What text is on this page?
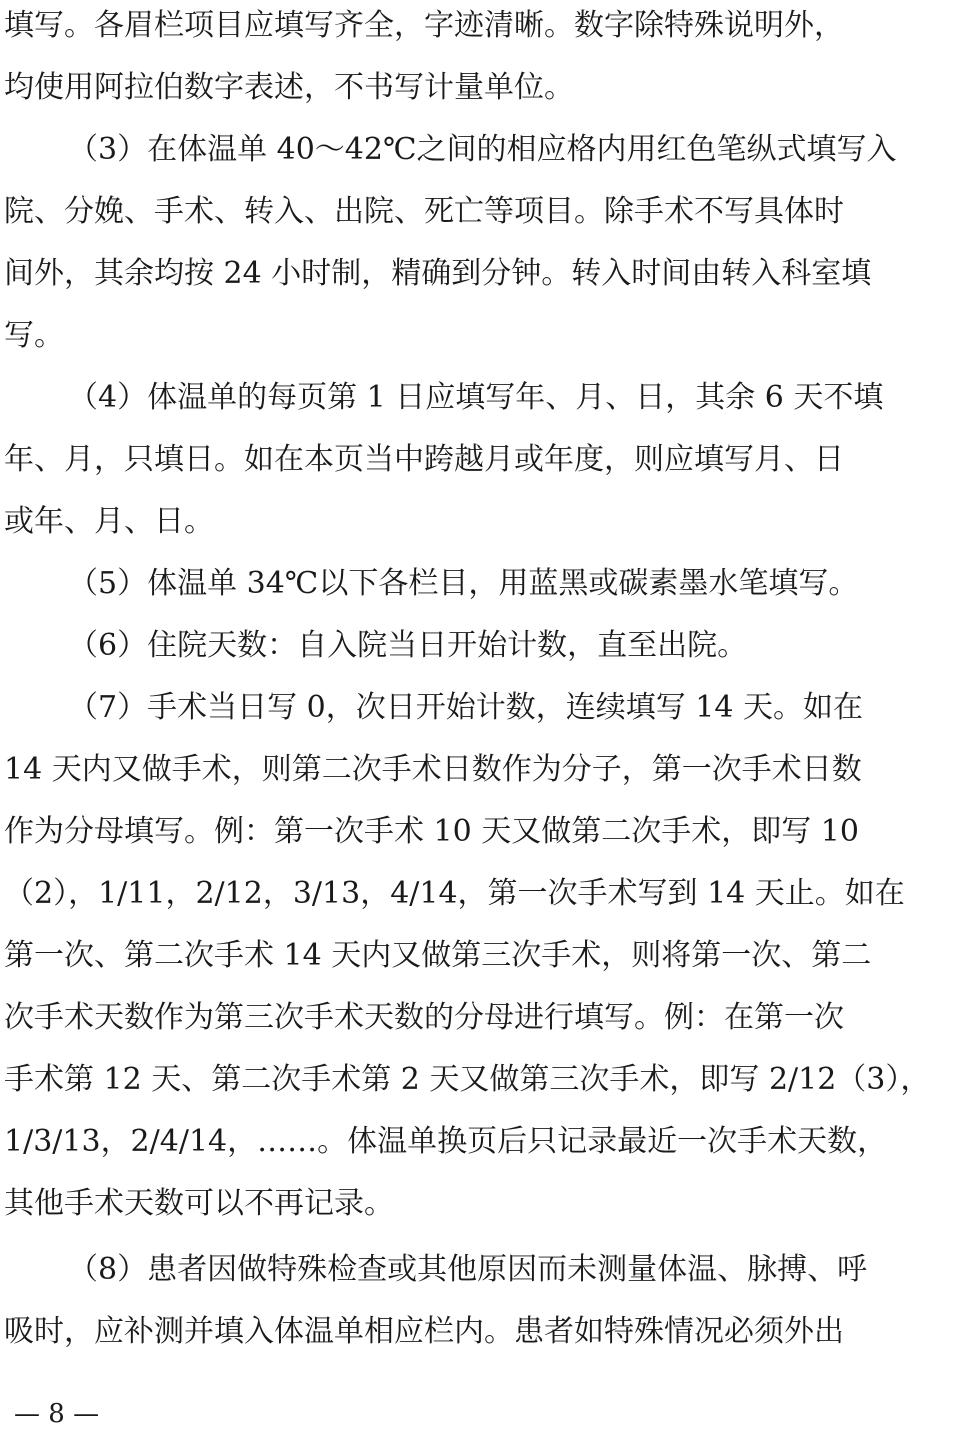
填写。各眉栏项目应填写齐全，字迹清晰。数字除特殊说明外，
均使用阿拉伯数字表述，不书写计量单位。
（3）在体温单 40～42℃之间的相应格内用红色笔纵式填写入
院、分娩、手术、转入、出院、死亡等项目。除手术不写具体时
间外，其余均按 24 小时制，精确到分钟。转入时间由转入科室填
写。
（4）体温单的每页第 1 日应填写年、月、日，其余 6 天不填
年、月，只填日。如在本页当中跨越月或年度，则应填写月、日
或年、月、日。
（5）体温单 34℃以下各栏目，用蓝黑或碳素墨水笔填写。
（6）住院天数：自入院当日开始计数，直至出院。
（7）手术当日写 0，次日开始计数，连续填写 14 天。如在
14 天内又做手术，则第二次手术日数作为分子，第一次手术日数
作为分母填写。例：第一次手术 10 天又做第二次手术，即写 10
（2），1/11，2/12，3/13，4/14，第一次手术写到 14 天止。如在
第一次、第二次手术 14 天内又做第三次手术，则将第一次、第二
次手术天数作为第三次手术天数的分母进行填写。例：在第一次
手术第 12 天、第二次手术第 2 天又做第三次手术，即写 2/12（3），
1/3/13，2/4/14，……。体温单换页后只记录最近一次手术天数，
其他手术天数可以不再记录。
（8）患者因做特殊检查或其他原因而未测量体温、脉搏、呼
吸时，应补测并填入体温单相应栏内。患者如特殊情况必须外出
— 8 —
